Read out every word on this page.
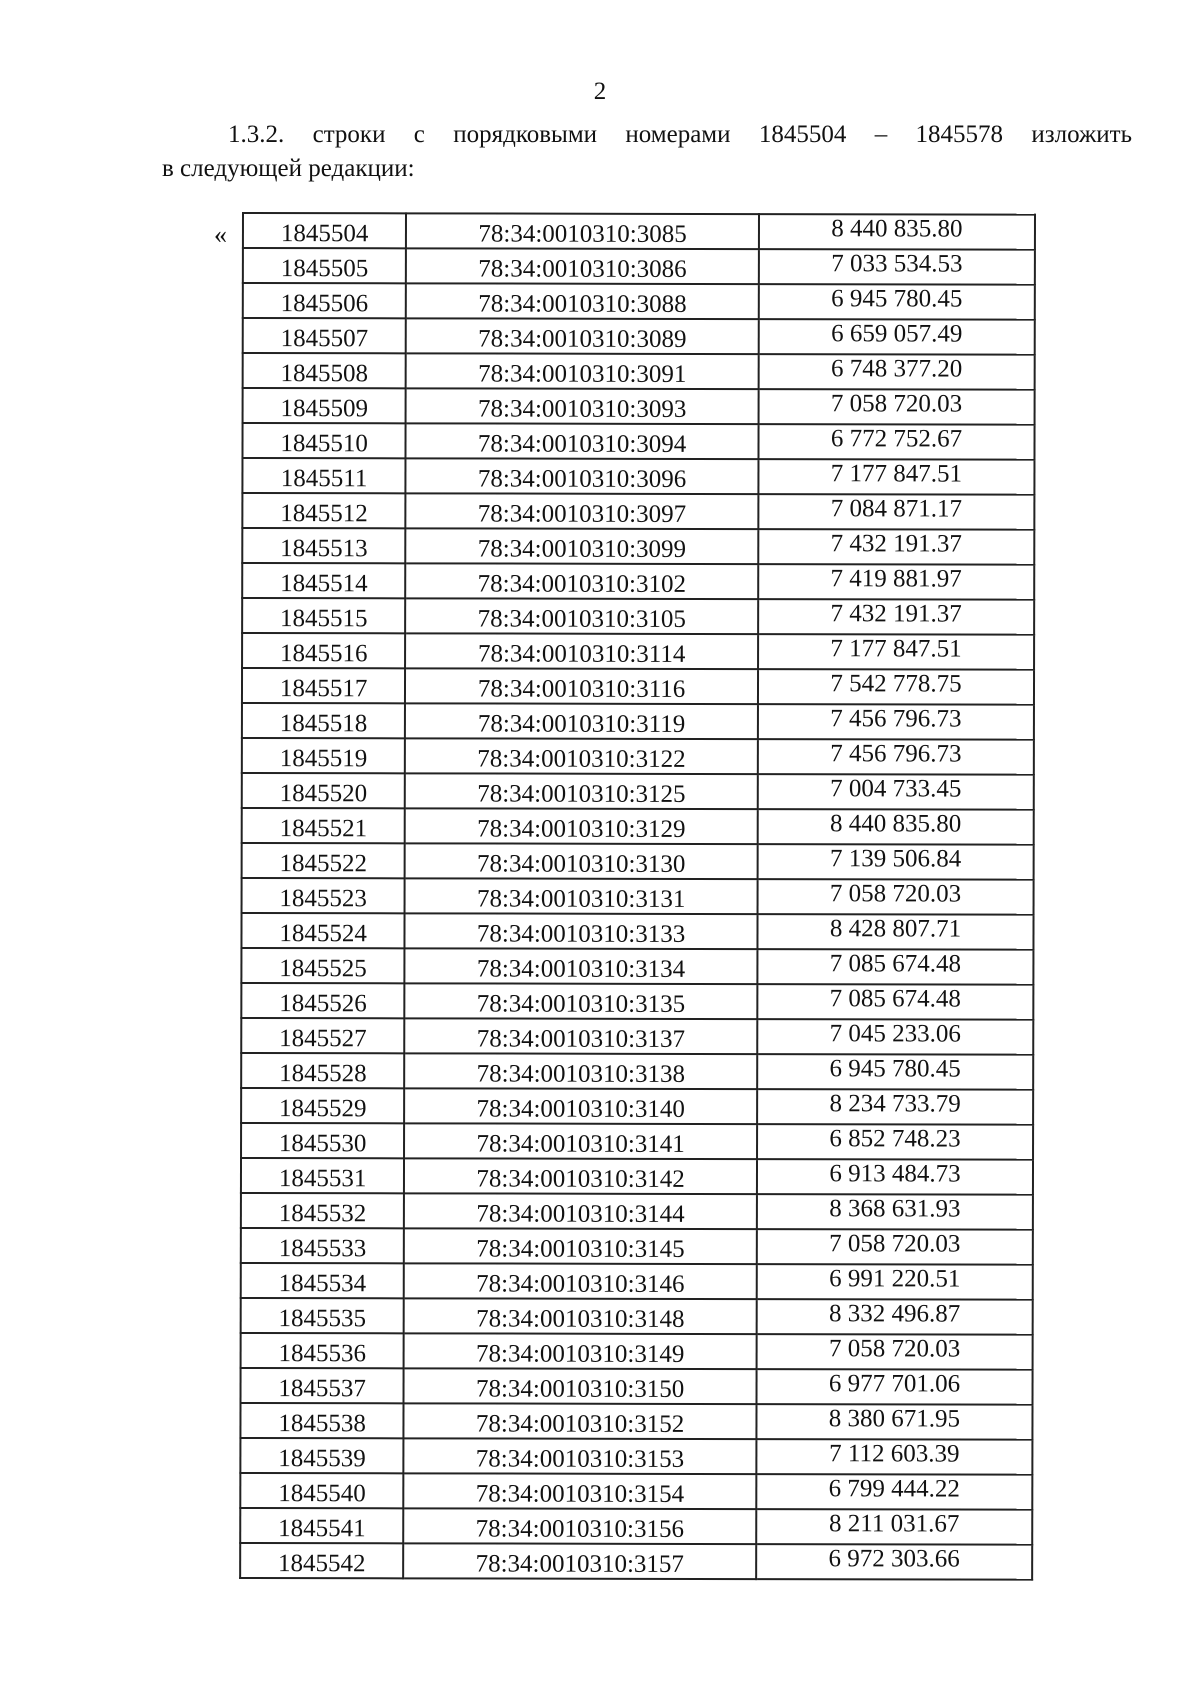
2
1.3.2. строки с порядковыми номерами 1845504 – 1845578 изложить
в следующей редакции:
« 1845504	78:34:0010310:3085	8 440 835.80
1845505	78:34:0010310:3086	7 033 534.53
1845506	78:34:0010310:3088	6 945 780.45
1845507	78:34:0010310:3089	6 659 057.49
1845508	78:34:0010310:3091	6 748 377.20
1845509	78:34:0010310:3093	7 058 720.03
1845510	78:34:0010310:3094	6 772 752.67
1845511	78:34:0010310:3096	7 177 847.51
1845512	78:34:0010310:3097	7 084 871.17
1845513	78:34:0010310:3099	7 432 191.37
1845514	78:34:0010310:3102	7 419 881.97
1845515	78:34:0010310:3105	7 432 191.37
1845516	78:34:0010310:3114	7 177 847.51
1845517	78:34:0010310:3116	7 542 778.75
1845518	78:34:0010310:3119	7 456 796.73
1845519	78:34:0010310:3122	7 456 796.73
1845520	78:34:0010310:3125	7 004 733.45
1845521	78:34:0010310:3129	8 440 835.80
1845522	78:34:0010310:3130	7 139 506.84
1845523	78:34:0010310:3131	7 058 720.03
1845524	78:34:0010310:3133	8 428 807.71
1845525	78:34:0010310:3134	7 085 674.48
1845526	78:34:0010310:3135	7 085 674.48
1845527	78:34:0010310:3137	7 045 233.06
1845528	78:34:0010310:3138	6 945 780.45
1845529	78:34:0010310:3140	8 234 733.79
1845530	78:34:0010310:3141	6 852 748.23
1845531	78:34:0010310:3142	6 913 484.73
1845532	78:34:0010310:3144	8 368 631.93
1845533	78:34:0010310:3145	7 058 720.03
1845534	78:34:0010310:3146	6 991 220.51
1845535	78:34:0010310:3148	8 332 496.87
1845536	78:34:0010310:3149	7 058 720.03
1845537	78:34:0010310:3150	6 977 701.06
1845538	78:34:0010310:3152	8 380 671.95
1845539	78:34:0010310:3153	7 112 603.39
1845540	78:34:0010310:3154	6 799 444.22
1845541	78:34:0010310:3156	8 211 031.67
1845542	78:34:0010310:3157	6 972 303.66
